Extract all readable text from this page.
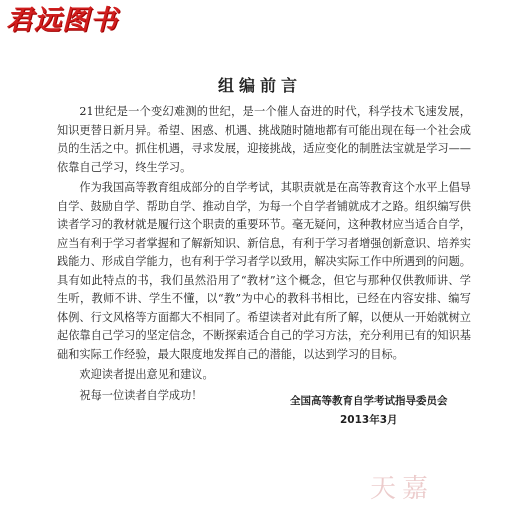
君远图书
组编前言

21世纪是一个变幻难测的世纪，是一个催人奋进的时代，科学技术飞速发展，知识更替日新月异。希望、困惑、机遇、挑战随时随地都有可能出现在每一个社会成员的生活之中。抓住机遇，寻求发展，迎接挑战，适应变化的制胜法宝就是学习——依靠自己学习，终生学习。

作为我国高等教育组成部分的自学考试，其职责就是在高等教育这个水平上倡导自学、鼓励自学、帮助自学、推动自学，为每一个自学者铺就成才之路。组织编写供读者学习的教材就是履行这个职责的重要环节。毫无疑问，这种教材应当适合自学，应当有利于学习者掌握和了解新知识、新信息，有利于学习者增强创新意识、培养实践能力、形成自学能力，也有利于学习者学以致用，解决实际工作中所遇到的问题。具有如此特点的书，我们虽然沿用了“教材”这个概念，但它与那种仅供教师讲、学生听，教师不讲、学生不懂，以“教”为中心的教科书相比，已经在内容安排、编写体例、行文风格等方面都大不相同了。希望读者对此有所了解，以便从一开始就树立起依靠自己学习的坚定信念，不断探索适合自己的学习方法，充分利用已有的知识基础和实际工作经验，最大限度地发挥自己的潜能，以达到学习的目标。

欢迎读者提出意见和建议。

祝每一位读者自学成功！	全国高等教育自学考试指导委员会
2013年3月
天嘉
